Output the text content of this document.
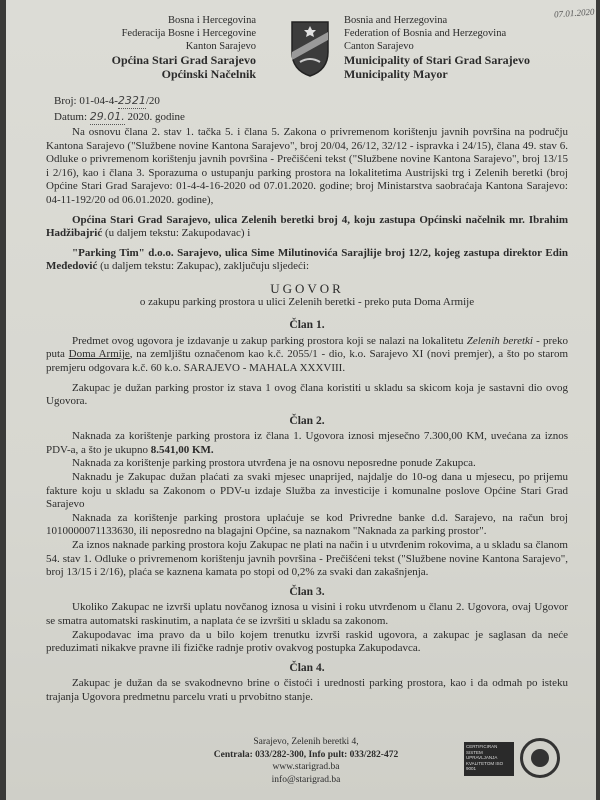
07.01.2020
Bosna i Hercegovina
Federacija Bosne i Hercegovine
Kanton Sarajevo
Općina Stari Grad Sarajevo
Općinski Načelnik
Bosnia and Herzegovina
Federation of Bosnia and Herzegovina
Canton Sarajevo
Municipality of Stari Grad Sarajevo
Municipality Mayor
Broj: 01-04-4-2321/20
Datum: 29.01. 2020. godine

Na osnovu člana 2. stav 1. tačka 5. i člana 5. Zakona o privremenom korištenju javnih površina na području Kantona Sarajevo ("Službene novine Kantona Sarajevo", broj 20/04, 26/12, 32/12 - ispravka i 24/15), člana 49. stav 6. Odluke o privremenom korištenju javnih površina - Prečišćeni tekst ("Službene novine Kantona Sarajevo", broj 13/15 i 2/16), kao i člana 3. Sporazuma o ustupanju parking prostora na lokalitetima Austrijski trg i Zelenih beretki (broj Općine Stari Grad Sarajevo: 01-4-4-16-2020 od 07.01.2020. godine; broj Ministarstva saobraćaja Kantona Sarajevo: 04-11-192/20 od 06.01.2020. godine),

Općina Stari Grad Sarajevo, ulica Zelenih beretki broj 4, koju zastupa Općinski načelnik mr. Ibrahim Hadžibajrić (u daljem tekstu: Zakupodavac) i

"Parking Tim" d.o.o. Sarajevo, ulica Sime Milutinovića Sarajlije broj 12/2, kojeg zastupa direktor Edin Međedović (u daljem tekstu: Zakupac), zaključuju sljedeći:

UGOVOR

o zakupu parking prostora u ulici Zelenih beretki - preko puta Doma Armije

Član 1.

Predmet ovog ugovora je izdavanje u zakup parking prostora koji se nalazi na lokalitetu Zelenih beretki - preko puta Doma Armije, na zemljištu označenom kao k.č. 2055/1 - dio, k.o. Sarajevo XI (novi premjer), a što po starom premjeru odgovara k.č. 60 k.o. SARAJEVO - MAHALA XXXVIII.

Zakupac je dužan parking prostor iz stava 1 ovog člana koristiti u skladu sa skicom koja je sastavni dio ovog Ugovora.

Član 2.

Naknada za korištenje parking prostora iz člana 1. Ugovora iznosi mjesečno 7.300,00 KM, uvećana za iznos PDV-a, a što je ukupno 8.541,00 KM.

Naknada za korištenje parking prostora utvrđena je na osnovu neposredne ponude Zakupca.

Naknadu je Zakupac dužan plaćati za svaki mjesec unaprijed, najdalje do 10-og dana u mjesecu, po prijemu fakture koju u skladu sa Zakonom o PDV-u izdaje Služba za investicije i komunalne poslove Općine Stari Grad Sarajevo

Naknada za korištenje parking prostora uplaćuje se kod Privredne banke d.d. Sarajevo, na račun broj 1010000071133630, ili neposredno na blagajni Općine, sa naznakom "Naknada za parking prostor".

Za iznos naknade parking prostora koju Zakupac ne plati na način i u utvrđenim rokovima, a u skladu sa članom 54. stav 1. Odluke o privremenom korištenju javnih površina - Prečišćeni tekst ("Službene novine Kantona Sarajevo", broj 13/15 i 2/16), plaća se kaznena kamata po stopi od 0,2% za svaki dan zakašnjenja.

Član 3.

Ukoliko Zakupac ne izvrši uplatu novčanog iznosa u visini i roku utvrđenom u članu 2. Ugovora, ovaj Ugovor se smatra automatski raskinutim, a naplata će se izvršiti u skladu sa zakonom.

Zakupodavac ima pravo da u bilo kojem trenutku izvrši raskid ugovora, a zakupac je saglasan da neće preduzimati nikakve pravne ili fizičke radnje protiv ovakvog postupka Zakupodavca.

Član 4.

Zakupac je dužan da se svakodnevno brine o čistoći i urednosti parking prostora, kao i da odmah po isteku trajanja Ugovora predmetnu parcelu vrati u prvobitno stanje.

Sarajevo, Zelenih beretki 4,
Centrala: 033/282-300, Info pult: 033/282-472
www.starigrad.ba
info@starigrad.ba
CERTIFICIRAN SISTEM UPRAVLJANJA KVALITETOM ISO 9001
